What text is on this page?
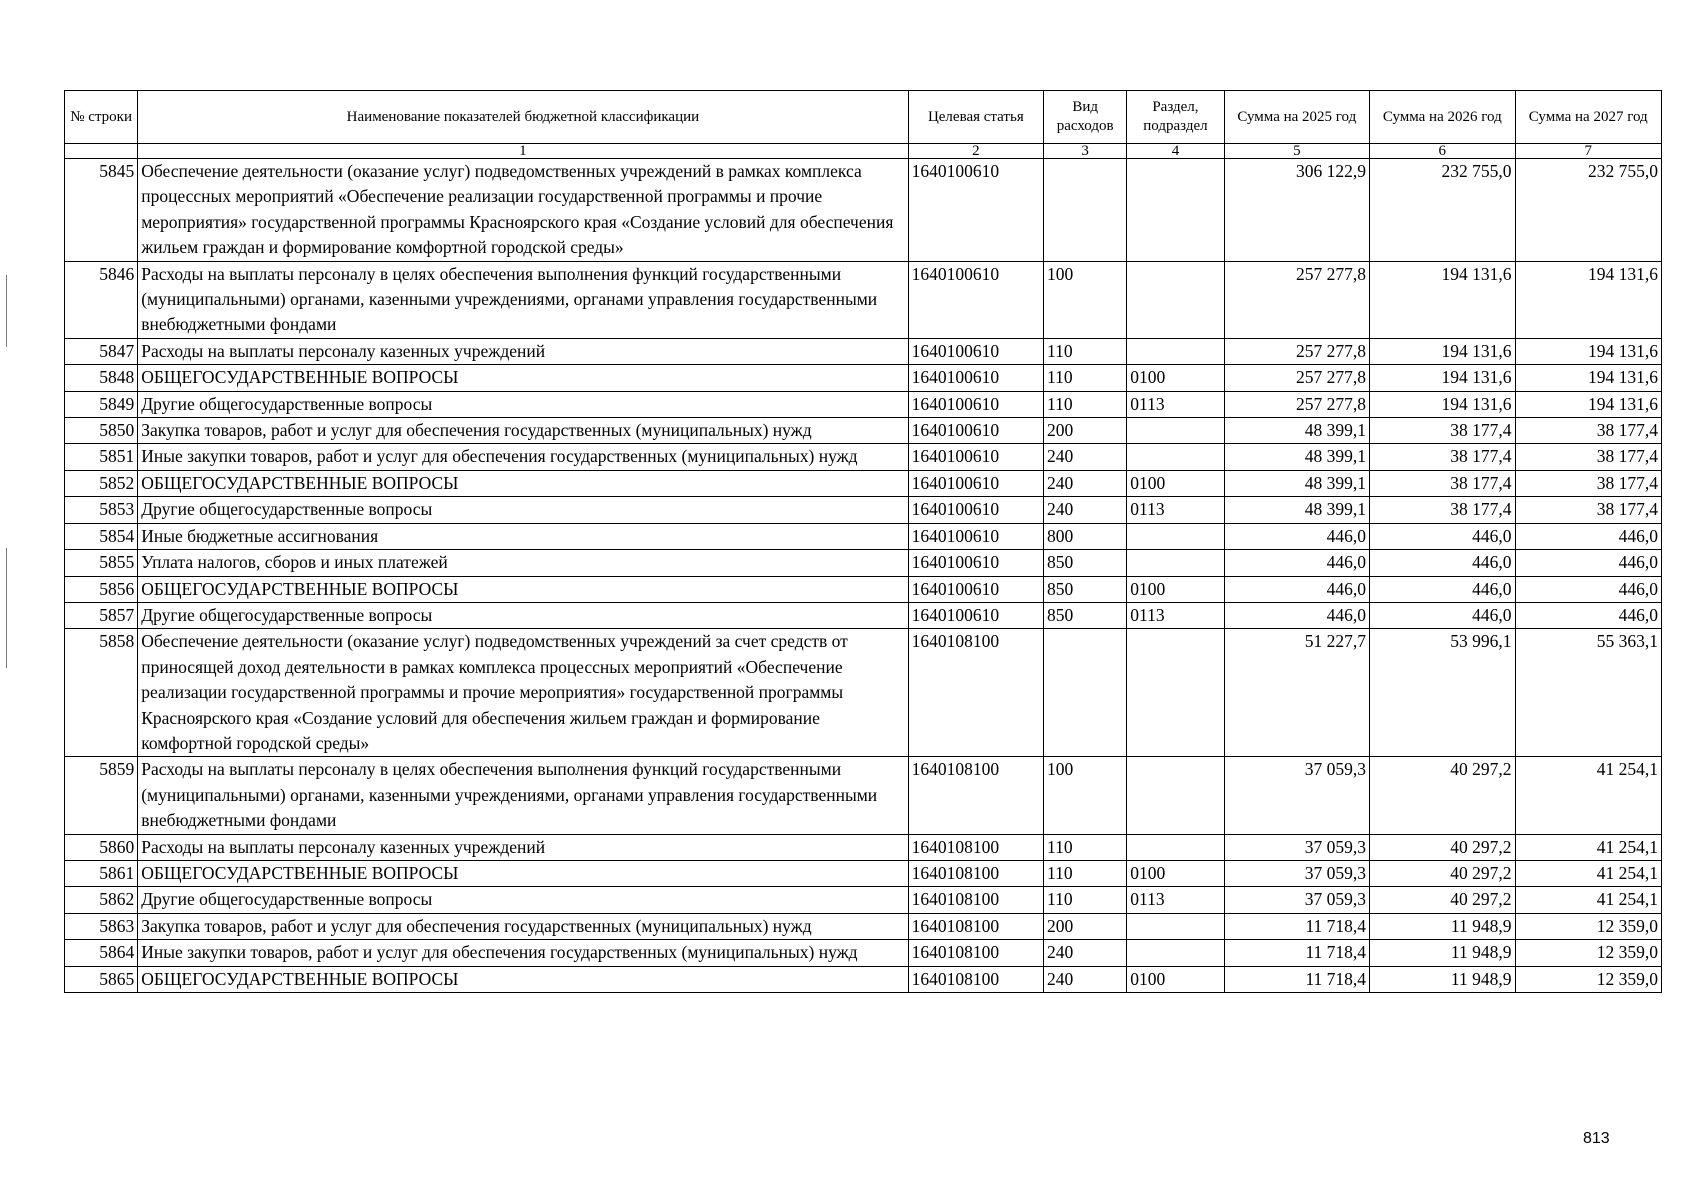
№ строки	Наименование показателей бюджетной классификации	Целевая статья	Вид расходов	Раздел, подраздел	Сумма на 2025 год	Сумма на 2026 год	Сумма на 2027 год
	1	2	3	4	5	6	7
5845	Обеспечение деятельности (оказание услуг) подведомственных учреждений в рамках комплекса процессных мероприятий «Обеспечение реализации государственной программы и прочие мероприятия» государственной программы Красноярского края «Создание условий для обеспечения жильем граждан и формирование комфортной городской среды»	1640100610			306 122,9	232 755,0	232 755,0
5846	Расходы на выплаты персоналу в целях обеспечения выполнения функций государственными (муниципальными) органами, казенными учреждениями, органами управления государственными внебюджетными фондами	1640100610	100		257 277,8	194 131,6	194 131,6
5847	Расходы на выплаты персоналу казенных учреждений	1640100610	110		257 277,8	194 131,6	194 131,6
5848	ОБЩЕГОСУДАРСТВЕННЫЕ ВОПРОСЫ	1640100610	110	0100	257 277,8	194 131,6	194 131,6
5849	Другие общегосударственные вопросы	1640100610	110	0113	257 277,8	194 131,6	194 131,6
5850	Закупка товаров, работ и услуг для обеспечения государственных (муниципальных) нужд	1640100610	200		48 399,1	38 177,4	38 177,4
5851	Иные закупки товаров, работ и услуг для обеспечения государственных (муниципальных) нужд	1640100610	240		48 399,1	38 177,4	38 177,4
5852	ОБЩЕГОСУДАРСТВЕННЫЕ ВОПРОСЫ	1640100610	240	0100	48 399,1	38 177,4	38 177,4
5853	Другие общегосударственные вопросы	1640100610	240	0113	48 399,1	38 177,4	38 177,4
5854	Иные бюджетные ассигнования	1640100610	800		446,0	446,0	446,0
5855	Уплата налогов, сборов и иных платежей	1640100610	850		446,0	446,0	446,0
5856	ОБЩЕГОСУДАРСТВЕННЫЕ ВОПРОСЫ	1640100610	850	0100	446,0	446,0	446,0
5857	Другие общегосударственные вопросы	1640100610	850	0113	446,0	446,0	446,0
5858	Обеспечение деятельности (оказание услуг) подведомственных учреждений за счет средств от приносящей доход деятельности в рамках комплекса процессных мероприятий «Обеспечение реализации государственной программы и прочие мероприятия» государственной программы Красноярского края «Создание условий для обеспечения жильем граждан и формирование комфортной городской среды»	1640108100			51 227,7	53 996,1	55 363,1
5859	Расходы на выплаты персоналу в целях обеспечения выполнения функций государственными (муниципальными) органами, казенными учреждениями, органами управления государственными внебюджетными фондами	1640108100	100		37 059,3	40 297,2	41 254,1
5860	Расходы на выплаты персоналу казенных учреждений	1640108100	110		37 059,3	40 297,2	41 254,1
5861	ОБЩЕГОСУДАРСТВЕННЫЕ ВОПРОСЫ	1640108100	110	0100	37 059,3	40 297,2	41 254,1
5862	Другие общегосударственные вопросы	1640108100	110	0113	37 059,3	40 297,2	41 254,1
5863	Закупка товаров, работ и услуг для обеспечения государственных (муниципальных) нужд	1640108100	200		11 718,4	11 948,9	12 359,0
5864	Иные закупки товаров, работ и услуг для обеспечения государственных (муниципальных) нужд	1640108100	240		11 718,4	11 948,9	12 359,0
5865	ОБЩЕГОСУДАРСТВЕННЫЕ ВОПРОСЫ	1640108100	240	0100	11 718,4	11 948,9	12 359,0
813
